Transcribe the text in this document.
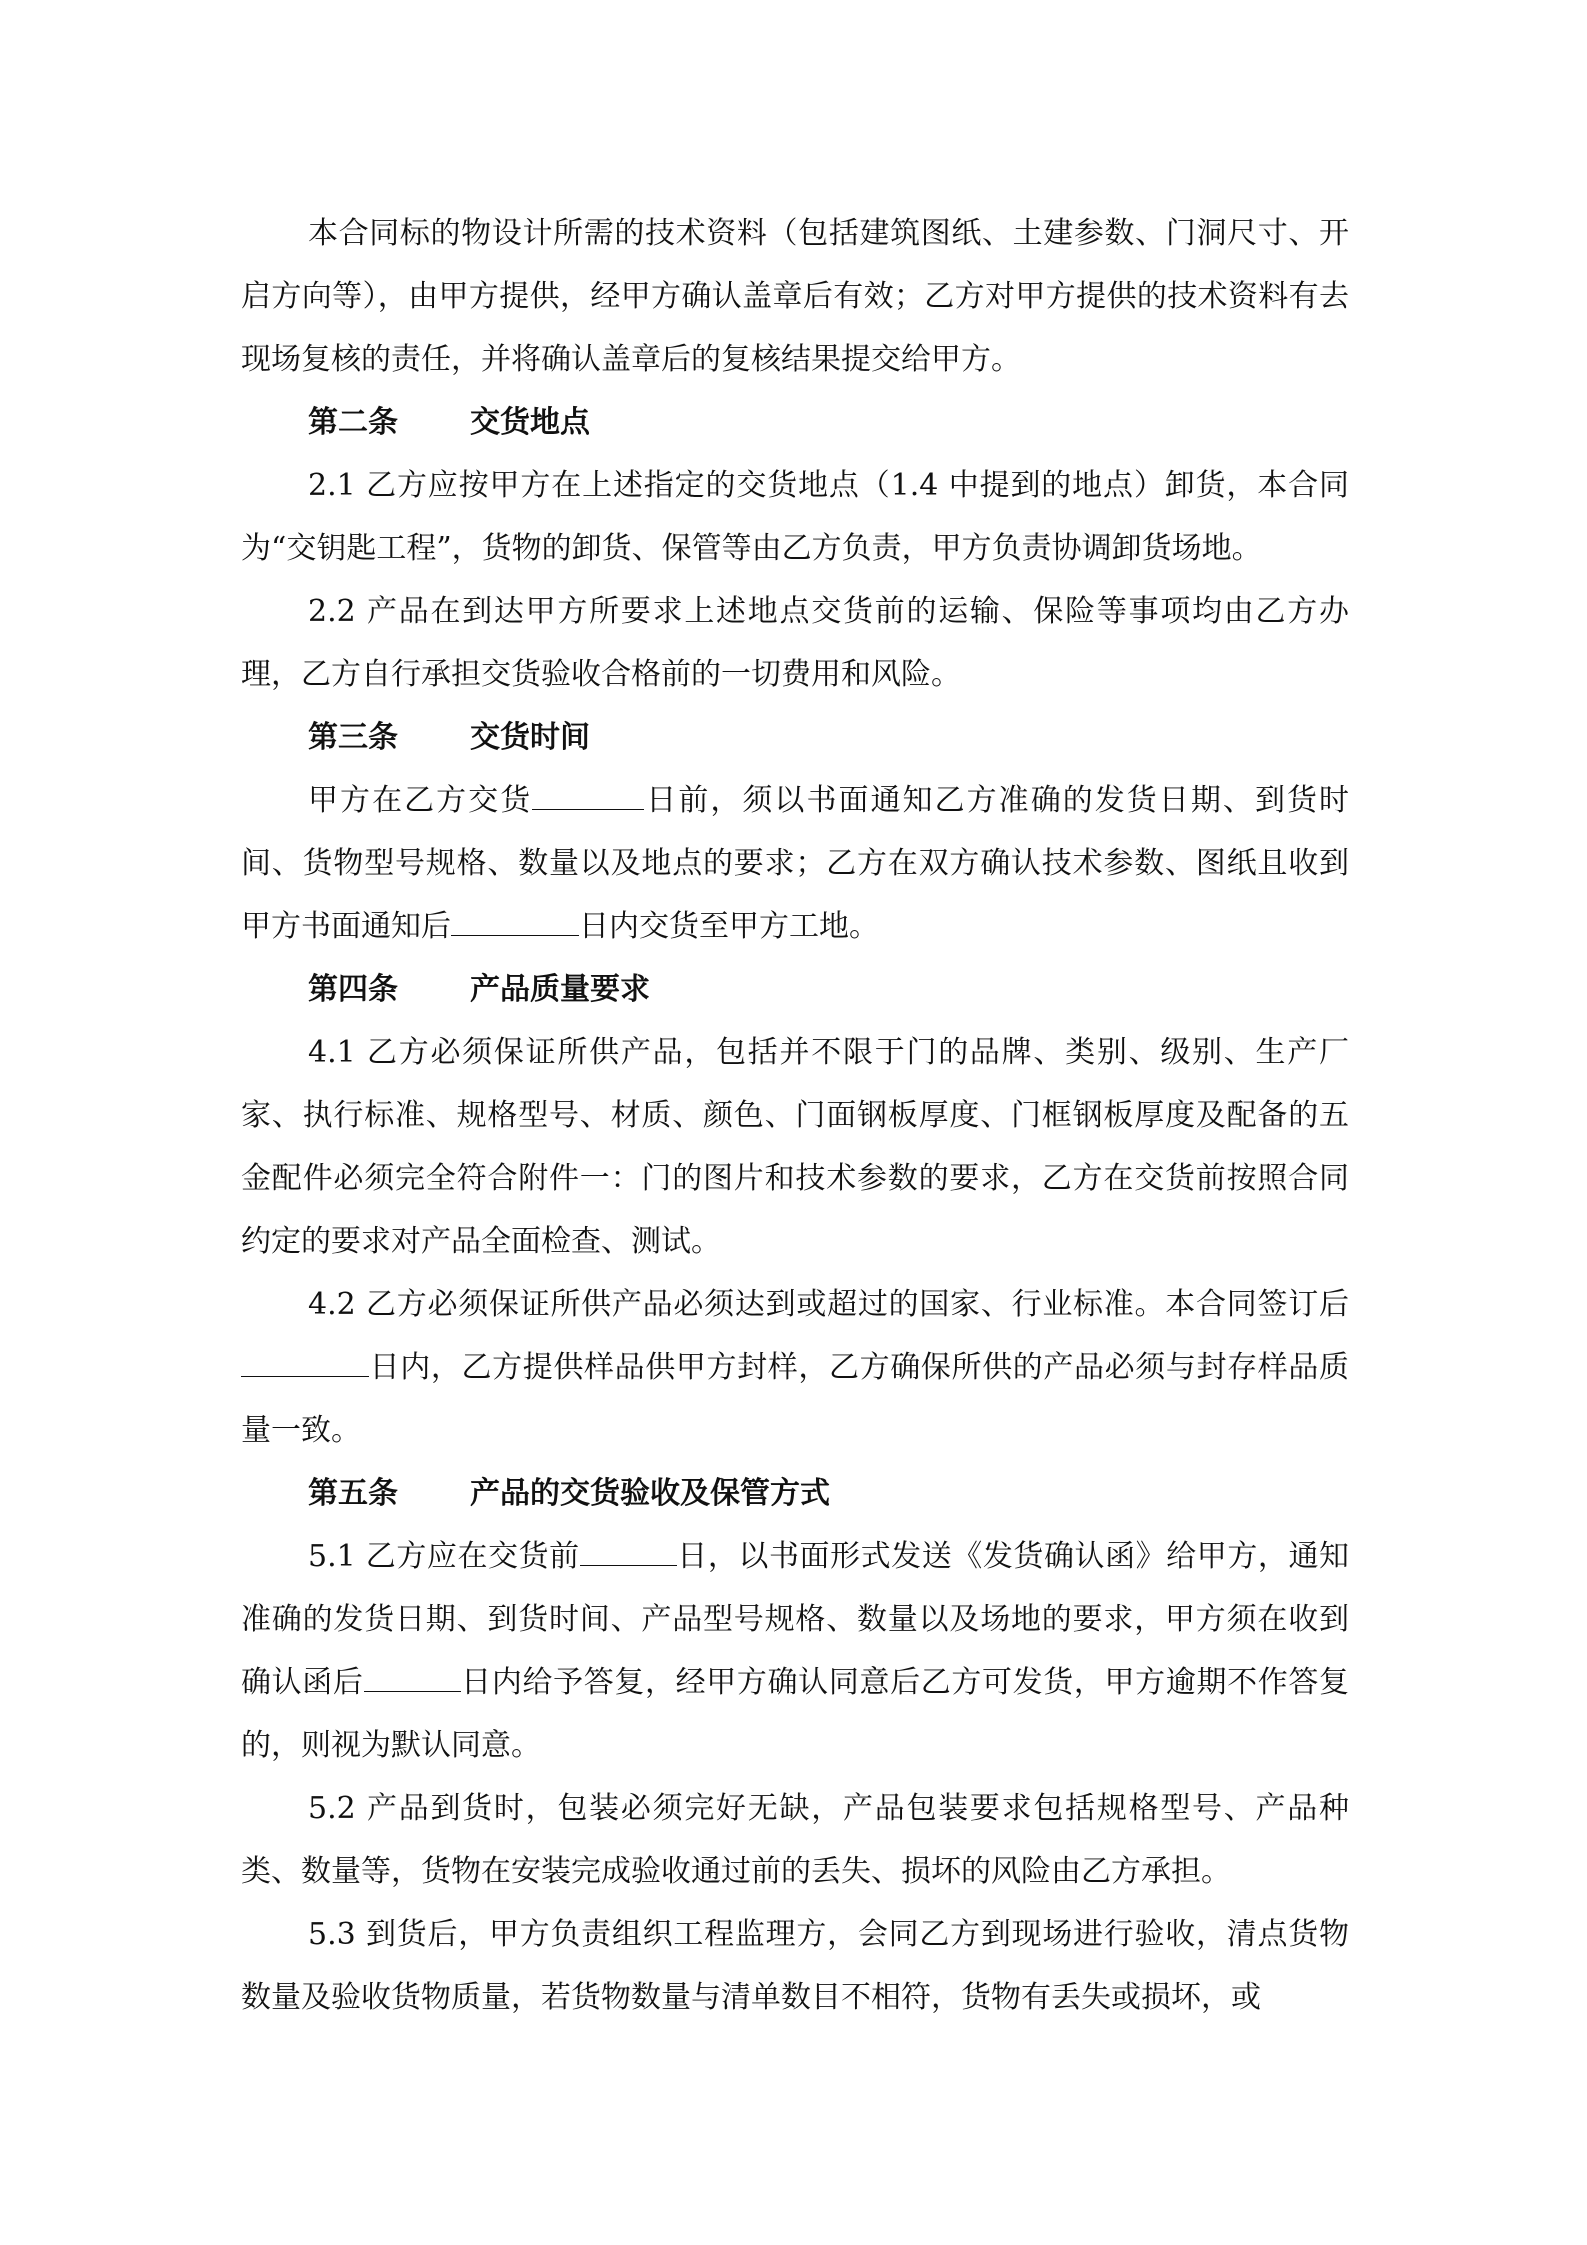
本合同标的物设计所需的技术资料（包括建筑图纸、土建参数、门洞尺寸、开启方向等），由甲方提供，经甲方确认盖章后有效；乙方对甲方提供的技术资料有去现场复核的责任，并将确认盖章后的复核结果提交给甲方。

第二条 交货地点

2.1 乙方应按甲方在上述指定的交货地点（1.4 中提到的地点）卸货，本合同为“交钥匙工程”，货物的卸货、保管等由乙方负责，甲方负责协调卸货场地。

2.2 产品在到达甲方所要求上述地点交货前的运输、保险等事项均由乙方办理，乙方自行承担交货验收合格前的一切费用和风险。

第三条 交货时间

甲方在乙方交货	日前，须以书面通知乙方准确的发货日期、到货时间、货物型号规格、数量以及地点的要求；乙方在双方确认技术参数、图纸且收到甲方书面通知后	日内交货至甲方工地。

第四条 产品质量要求

4.1 乙方必须保证所供产品，包括并不限于门的品牌、类别、级别、生产厂家、执行标准、规格型号、材质、颜色、门面钢板厚度、门框钢板厚度及配备的五金配件必须完全符合附件一：门的图片和技术参数的要求，乙方在交货前按照合同约定的要求对产品全面检查、测试。

4.2 乙方必须保证所供产品必须达到或超过的国家、行业标准。本合同签订后日内，乙方提供样品供甲方封样，乙方确保所供的产品必须与封存样品质量一致。

第五条 产品的交货验收及保管方式

5.1 乙方应在交货前	日，以书面形式发送《发货确认函》给甲方，通知准确的发货日期、到货时间、产品型号规格、数量以及场地的要求，甲方须在收到确认函后	日内给予答复，经甲方确认同意后乙方可发货，甲方逾期不作答复的，则视为默认同意。

5.2 产品到货时，包装必须完好无缺，产品包装要求包括规格型号、产品种类、数量等，货物在安装完成验收通过前的丢失、损坏的风险由乙方承担。

5.3 到货后，甲方负责组织工程监理方，会同乙方到现场进行验收，清点货物数量及验收货物质量，若货物数量与清单数目不相符，货物有丢失或损坏，或
